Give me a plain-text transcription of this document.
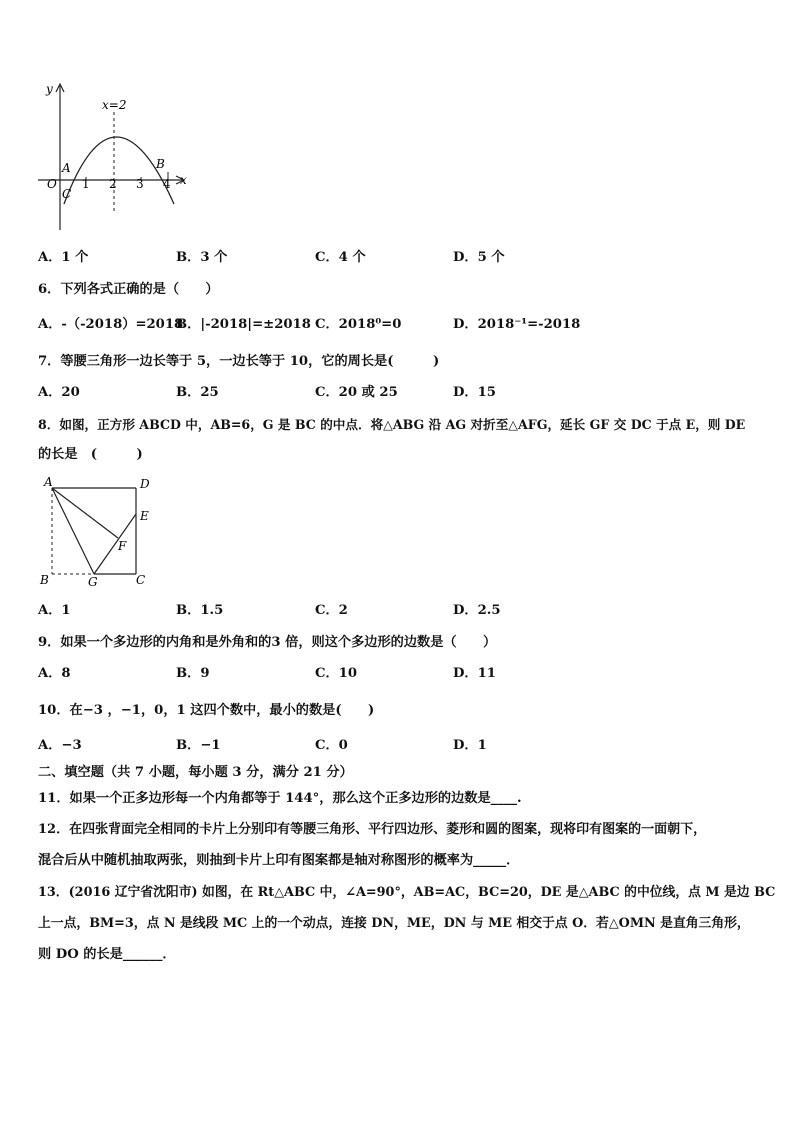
y
x
O
x=2
A	B
C
1 2 3 4
A．1 个	B．3 个	C．4 个	D．5 个
6．下列各式正确的是（　　）
A．-（-2018）=2018
B．|-2018|=±2018 C．2018⁰=0	D．2018⁻¹=-2018
7．等腰三角形一边长等于 5，一边长等于 10，它的周长是(　　　)
A．20	B．25	C．20 或 25	D．15
8．如图，正方形 ABCD 中，AB=6，G 是 BC 的中点．将△ABG 沿 AG 对折至△AFG，延长 GF 交 DC 于点 E，则 DE
的长是　(　　　)
A	D
E
F
B	G	C
A．1	B．1.5	C．2	D．2.5
9．如果一个多边形的内角和是外角和的3 倍，则这个多边形的边数是（　　）
A．8	B．9	C．10	D．11
10．在−3 ，−1，0，1 这四个数中，最小的数是(　　)
A．−3	B．−1	C．0	D．1
二、填空题（共 7 小题，每小题 3 分，满分 21 分）
11．如果一个正多边形每一个内角都等于 144°，那么这个正多边形的边数是____.
12．在四张背面完全相同的卡片上分别印有等腰三角形、平行四边形、菱形和圆的图案，现将印有图案的一面朝下，
混合后从中随机抽取两张，则抽到卡片上印有图案都是轴对称图形的概率为_____．
13．(2016 辽宁省沈阳市) 如图，在 Rt△ABC 中，∠A=90°，AB=AC，BC=20，DE 是△ABC 的中位线，点 M 是边 BC
上一点，BM=3，点 N 是线段 MC 上的一个动点，连接 DN，ME，DN 与 ME 相交于点 O．若△OMN 是直角三角形，
则 DO 的长是______．
